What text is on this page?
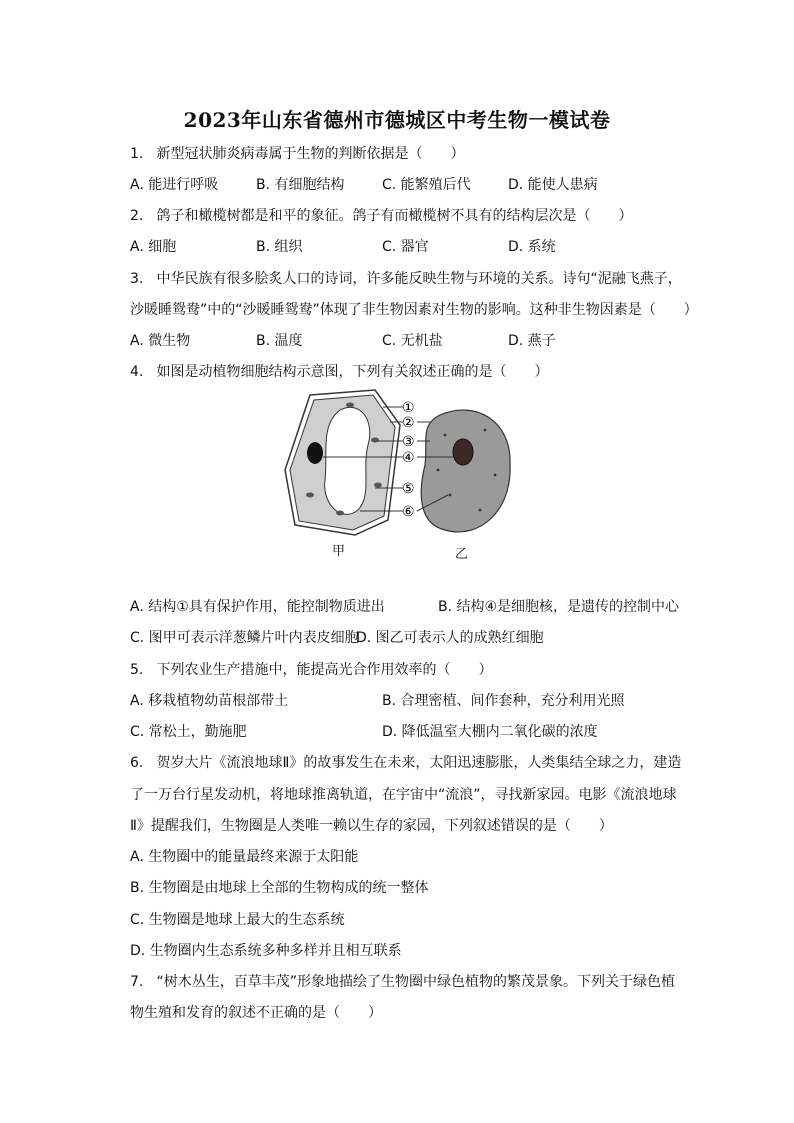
2023年山东省德州市德城区中考生物一模试卷
1. 新型冠状肺炎病毒属于生物的判断依据是（　　）
A. 能进行呼吸	B. 有细胞结构	C. 能繁殖后代	D. 能使人患病
2. 鸽子和橄榄树都是和平的象征。鸽子有而橄榄树不具有的结构层次是（　　）
A. 细胞	B. 组织	C. 器官	D. 系统
3. 中华民族有很多脍炙人口的诗词，许多能反映生物与环境的关系。诗句“泥融飞燕子，
沙暖睡鸳鸯”中的“沙暖睡鸳鸯”体现了非生物因素对生物的影响。这种非生物因素是（　　）
A. 微生物	B. 温度	C. 无机盐	D. 燕子
4. 如图是动植物细胞结构示意图，下列有关叙述正确的是（　　）
①
②
③
④
⑤
⑥
甲	乙
A. 结构①具有保护作用，能控制物质进出	B. 结构④是细胞核，是遗传的控制中心
C. 图甲可表示洋葱鳞片叶内表皮细胞
D. 图乙可表示人的成熟红细胞
5. 下列农业生产措施中，能提高光合作用效率的（　　）
A. 移栽植物幼苗根部带土	B. 合理密植、间作套种，充分利用光照
C. 常松土，勤施肥	D. 降低温室大棚内二氧化碳的浓度
6. 贺岁大片《流浪地球Ⅱ》的故事发生在未来，太阳迅速膨胀，人类集结全球之力，建造
了一万台行星发动机，将地球推离轨道，在宇宙中“流浪”，寻找新家园。电影《流浪地球
Ⅱ》提醒我们，生物圈是人类唯一赖以生存的家园，下列叙述错误的是（　　）
A. 生物圈中的能量最终来源于太阳能
B. 生物圈是由地球上全部的生物构成的统一整体
C. 生物圈是地球上最大的生态系统
D. 生物圈内生态系统多种多样并且相互联系
7. “树木丛生，百草丰茂”形象地描绘了生物圈中绿色植物的繁茂景象。下列关于绿色植
物生殖和发育的叙述不正确的是（　　）
